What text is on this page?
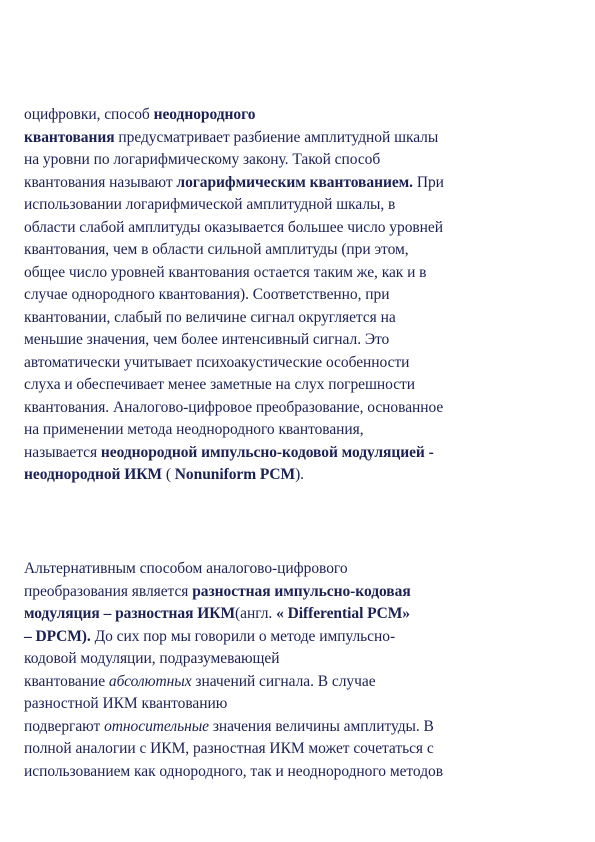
оцифровки, способ неоднородного
квантования предусматривает разбиение амплитудной шкалы
на уровни по логарифмическому закону. Такой способ
квантования называют логарифмическим квантованием. При
использовании логарифмической амплитудной шкалы, в
области слабой амплитуды оказывается большее число уровней
квантования, чем в области сильной амплитуды (при этом,
общее число уровней квантования остается таким же, как и в
случае однородного квантования). Соответственно, при
квантовании, слабый по величине сигнал округляется на
меньшие значения, чем более интенсивный сигнал. Это
автоматически учитывает психоакустические особенности
слуха и обеспечивает менее заметные на слух погрешности
квантования. Аналогово-цифровое преобразование, основанное
на применении метода неоднородного квантования,
называется неоднородной импульсно-кодовой модуляцией -
неоднородной ИКМ ( Nonuniform PCM).
Альтернативным способом аналогово-цифрового
преобразования является разностная импульсно-кодовая
модуляция – разностная ИКМ(англ. « Differential PCM»
– DPCM). До сих пор мы говорили о методе импульсно-
кодовой модуляции, подразумевающей
квантование абсолютных значений сигнала. В случае
разностной ИКМ квантованию
подвергают относительные значения величины амплитуды. В
полной аналогии с ИКМ, разностная ИКМ может сочетаться с
использованием как однородного, так и неоднородного методов
